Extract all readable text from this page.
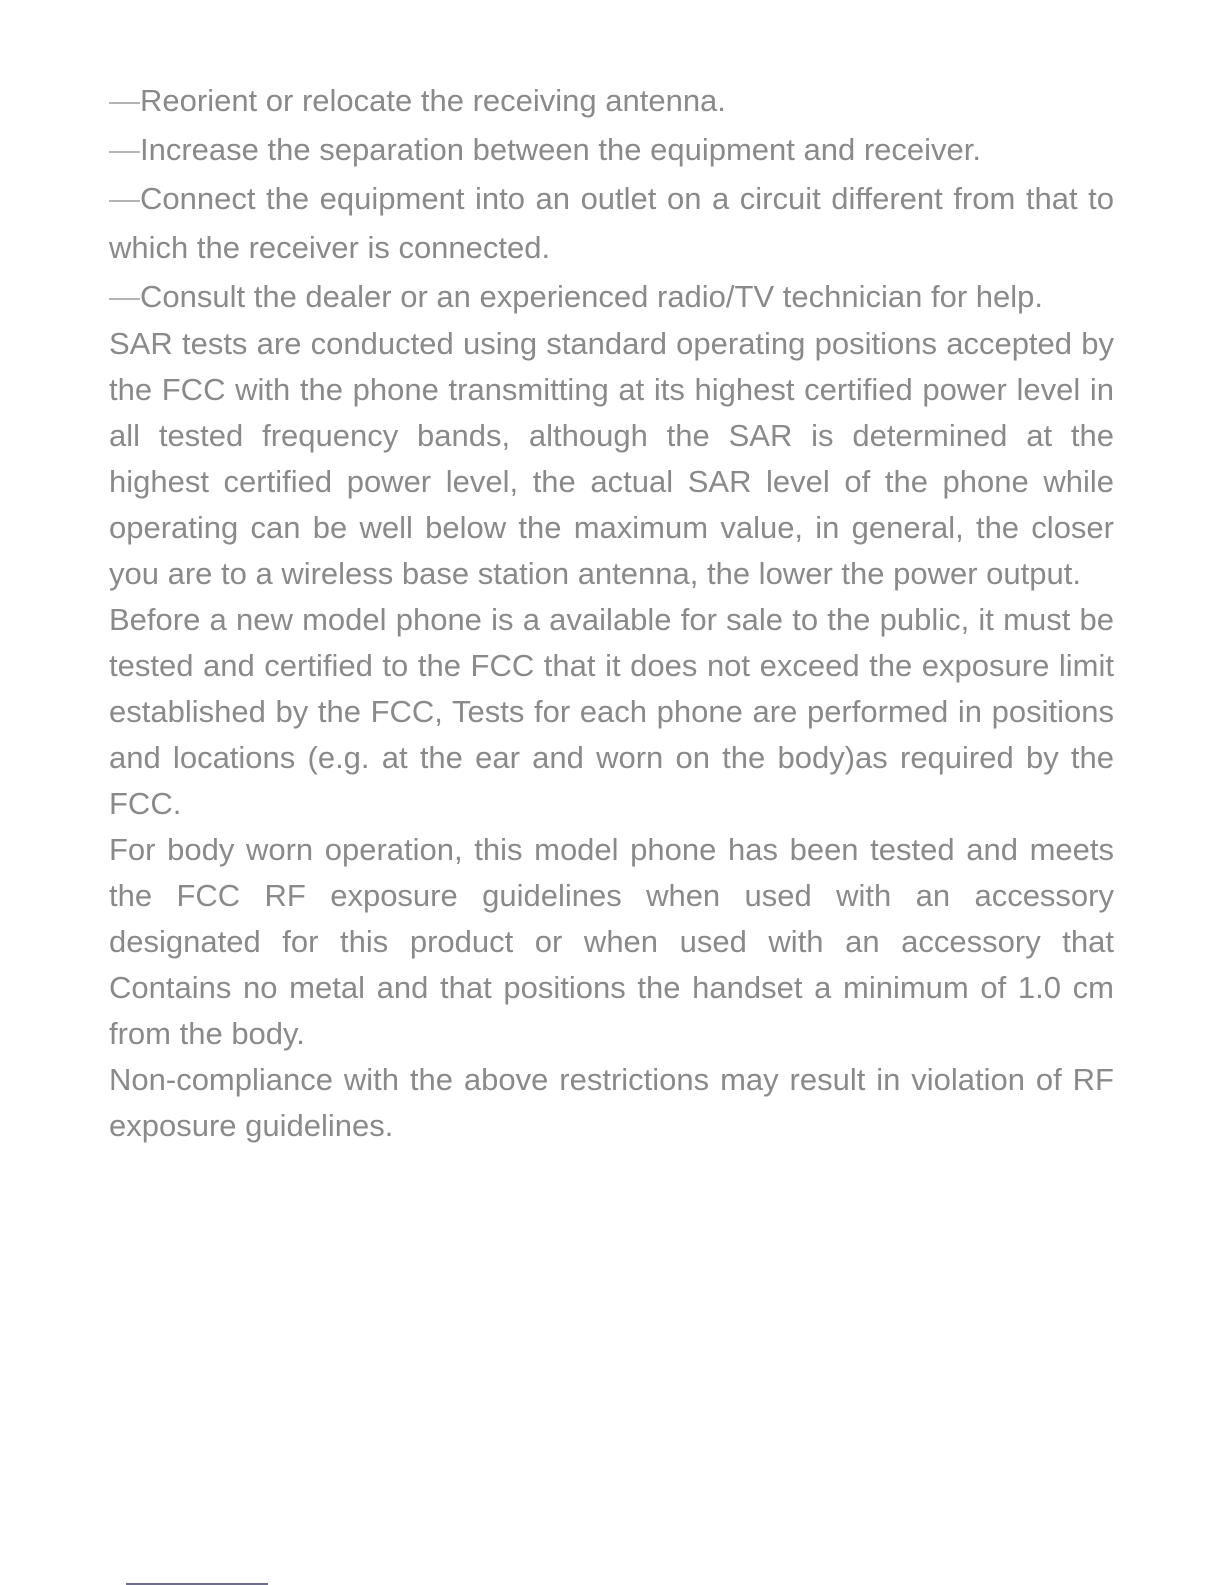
—Reorient or relocate the receiving antenna.

—Increase the separation between the equipment and receiver.

—Connect the equipment into an outlet on a circuit different from that to which the receiver is connected.

—Consult the dealer or an experienced radio/TV technician for help.

SAR tests are conducted using standard operating positions accepted by the FCC with the phone transmitting at its highest certified power level in all tested frequency bands, although the SAR is determined at the highest certified power level, the actual SAR level of the phone while operating can be well below the maximum value, in general, the closer you are to a wireless base station antenna, the lower the power output.

Before a new model phone is a available for sale to the public, it must be tested and certified to the FCC that it does not exceed the exposure limit established by the FCC, Tests for each phone are performed in positions and locations (e.g. at the ear and worn on the body)as required by the FCC.

For body worn operation, this model phone has been tested and meets the FCC RF exposure guidelines when used with an accessory designated for this product or when used with an accessory that Contains no metal and that positions the handset a minimum of 1.0 cm from the body.

Non-compliance with the above restrictions may result in violation of RF exposure guidelines.
